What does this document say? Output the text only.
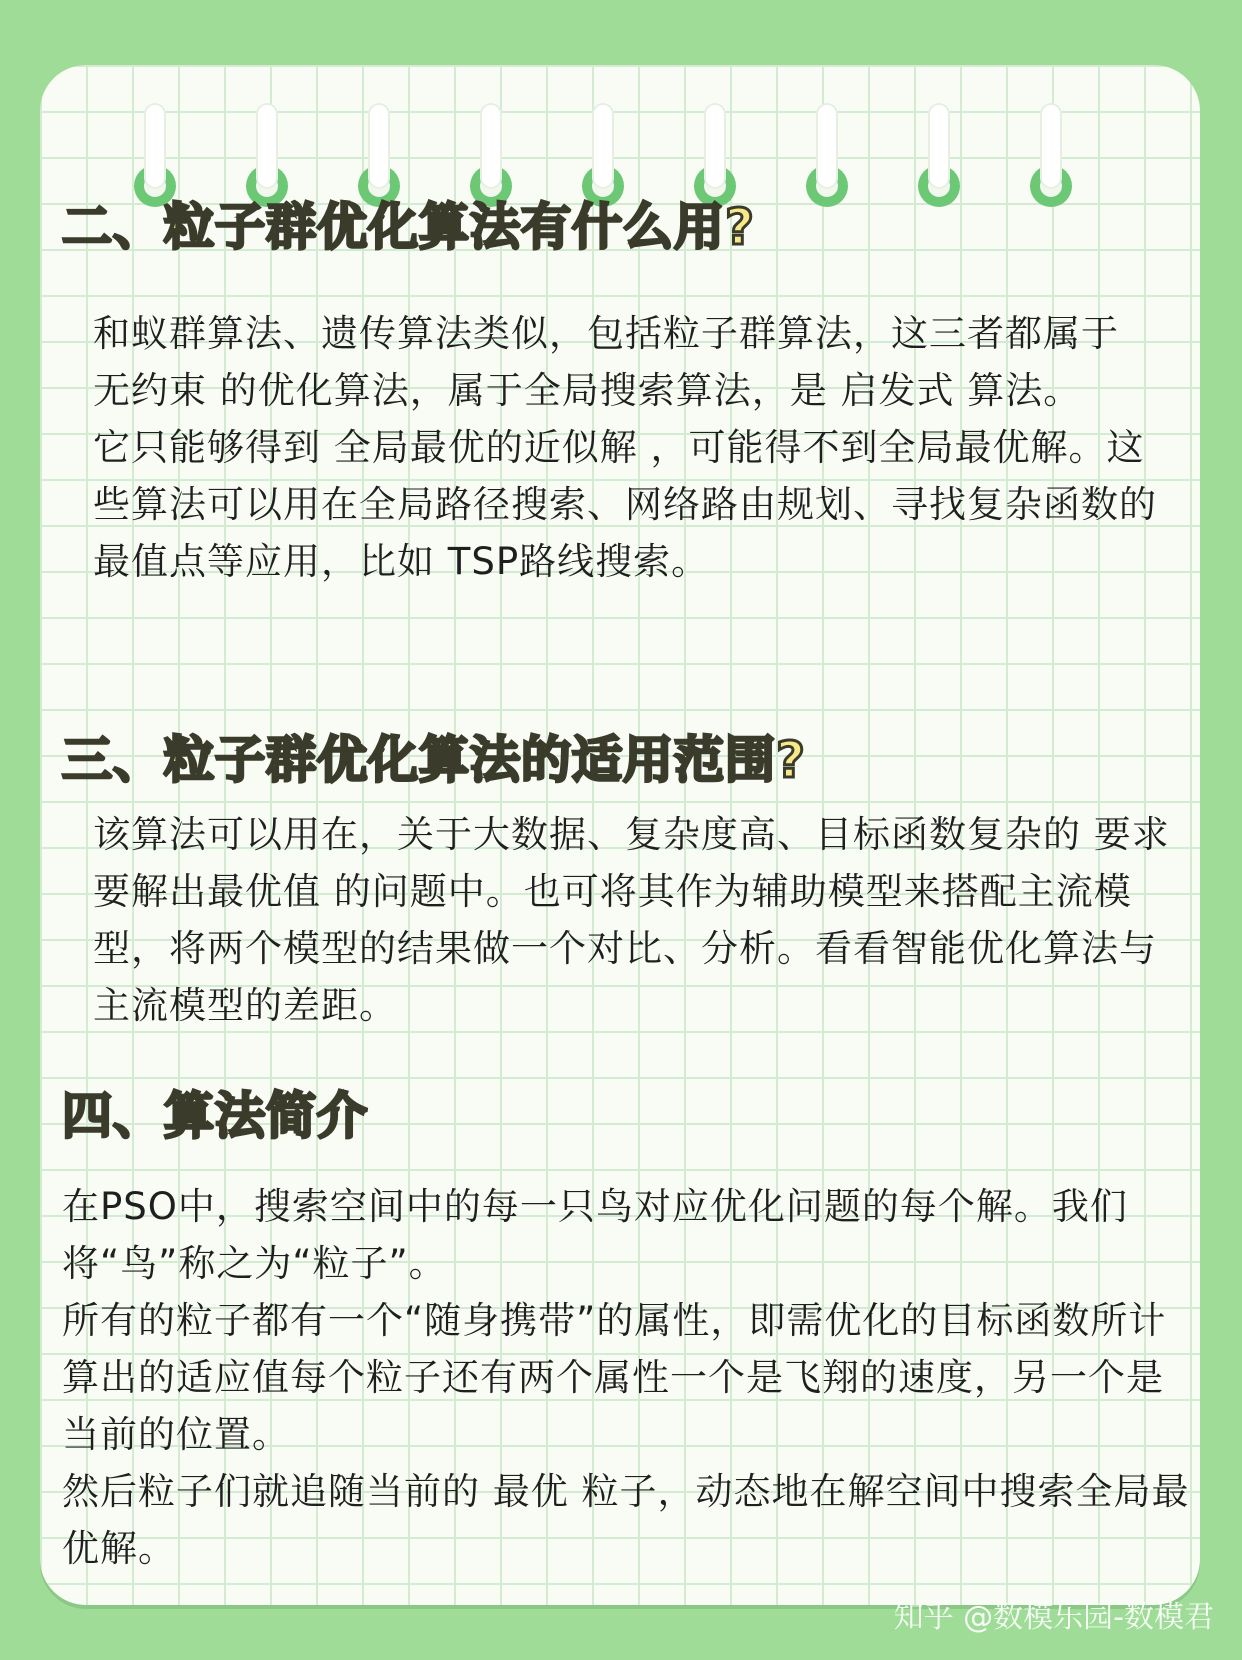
二、粒子群优化算法有什么用?

和蚁群算法、遗传算法类似，包括粒子群算法，这三者都属于 无约束 的优化算法，属于全局搜索算法，是 启发式 算法。

它只能够得到 全局最优的近似解 ，可能得不到全局最优解。这些算法可以用在全局路径搜索、网络路由规划、寻找复杂函数的最值点等应用，比如 TSP路线搜索。

三、粒子群优化算法的适用范围?

该算法可以用在，关于大数据、复杂度高、目标函数复杂的 要求要解出最优值 的问题中。也可将其作为辅助模型来搭配主流模型，将两个模型的结果做一个对比、分析。看看智能优化算法与主流模型的差距。

四、算法简介

在PSO中，搜索空间中的每一只鸟对应优化问题的每个解。我们将“鸟”称之为“粒子”。

所有的粒子都有一个“随身携带”的属性，即需优化的目标函数所计算出的适应值每个粒子还有两个属性一个是飞翔的速度，另一个是当前的位置。

然后粒子们就追随当前的 最优 粒子，动态地在解空间中搜索全局最优解。

知乎 @数模乐园-数模君
